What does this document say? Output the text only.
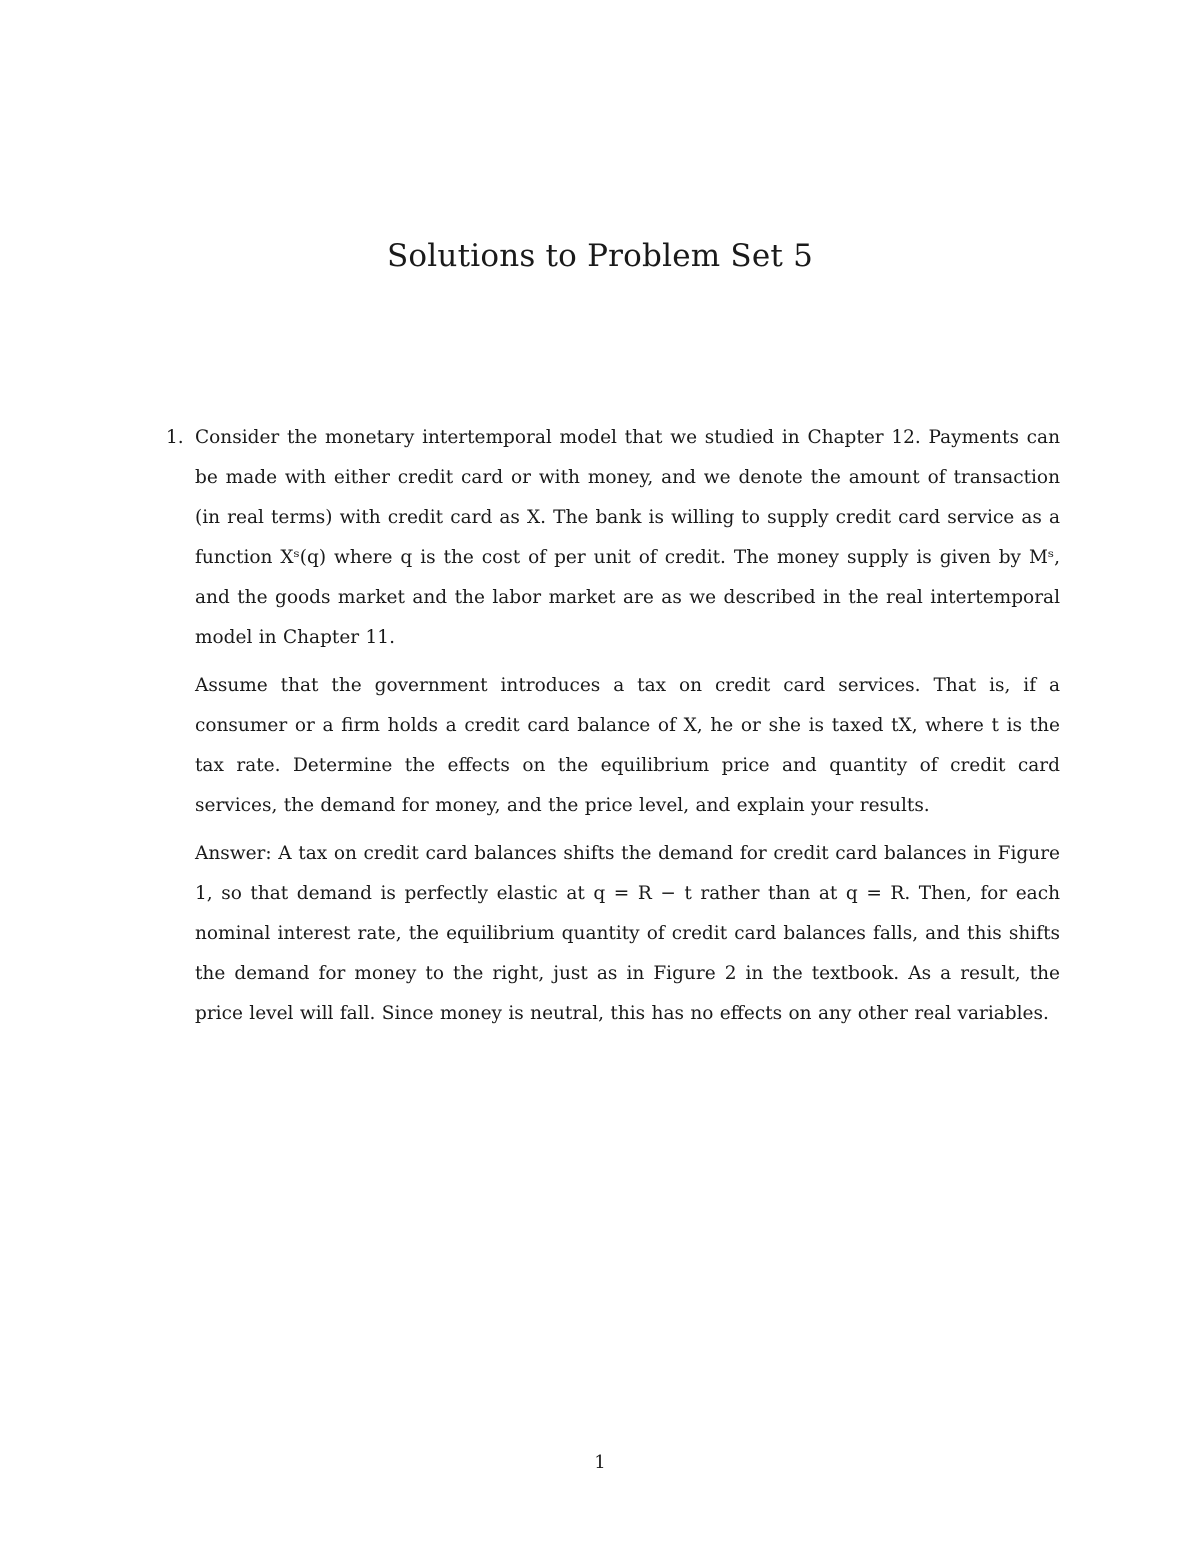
Solutions to Problem Set 5
1. Consider the monetary intertemporal model that we studied in Chapter 12. Payments can be made with either credit card or with money, and we denote the amount of transaction (in real terms) with credit card as X. The bank is willing to supply credit card service as a function Xˢ(q) where q is the cost of per unit of credit. The money supply is given by Mˢ, and the goods market and the labor market are as we described in the real intertemporal model in Chapter 11.

Assume that the government introduces a tax on credit card services. That is, if a consumer or a firm holds a credit card balance of X, he or she is taxed tX, where t is the tax rate. Determine the effects on the equilibrium price and quantity of credit card services, the demand for money, and the price level, and explain your results.

Answer: A tax on credit card balances shifts the demand for credit card balances in Figure 1, so that demand is perfectly elastic at q = R − t rather than at q = R. Then, for each nominal interest rate, the equilibrium quantity of credit card balances falls, and this shifts the demand for money to the right, just as in Figure 2 in the textbook. As a result, the price level will fall. Since money is neutral, this has no effects on any other real variables.

1
